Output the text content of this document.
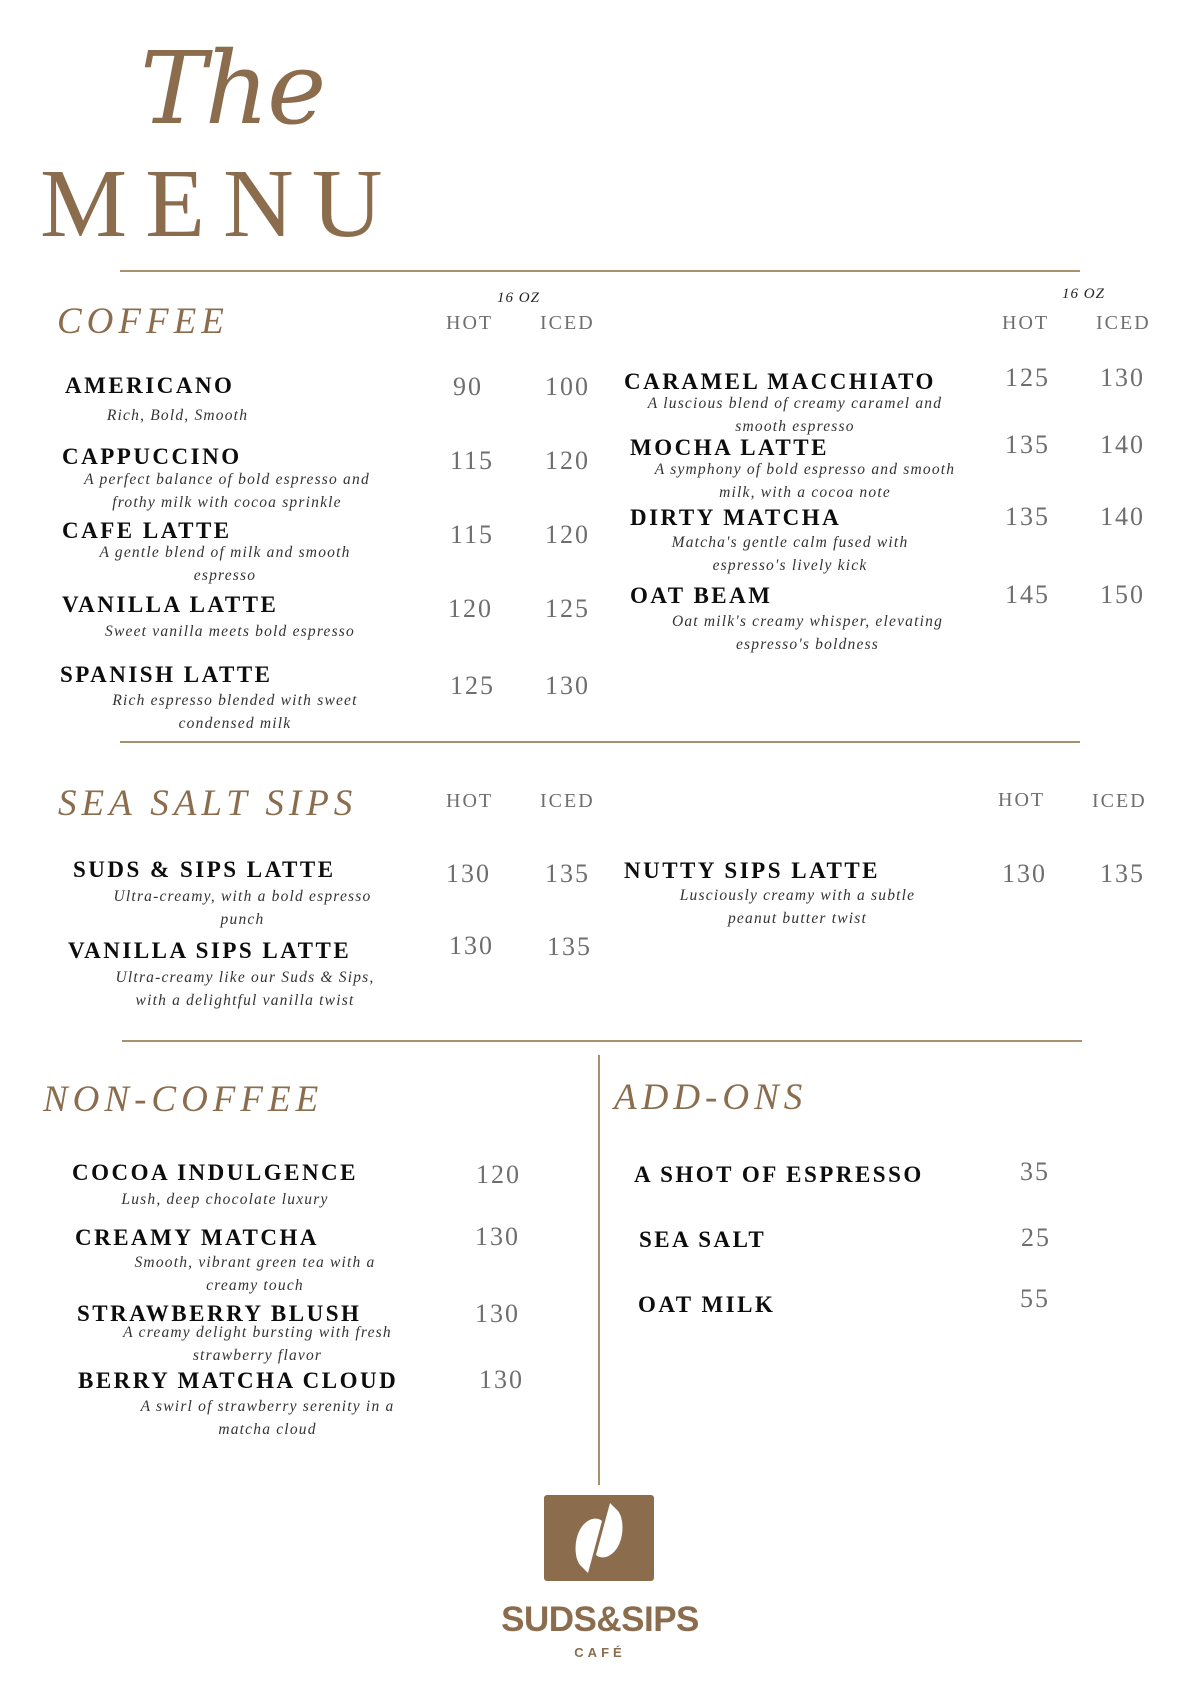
The
MENU
COFFEE
16 OZ
HOT ICED
16 OZ
HOT ICED
AMERICANO
Rich, Bold, Smooth
90 100
CAPPUCCINO
A perfect balance of bold espresso and frothy milk with cocoa sprinkle
115 120
CAFE LATTE
A gentle blend of milk and smooth espresso
115 120
VANILLA LATTE
Sweet vanilla meets bold espresso
120 125
SPANISH LATTE
Rich espresso blended with sweet condensed milk
125 130
CARAMEL MACCHIATO
A luscious blend of creamy caramel and smooth espresso
125 130
MOCHA LATTE
A symphony of bold espresso and smooth milk, with a cocoa note
135 140
DIRTY MATCHA
Matcha's gentle calm fused with espresso's lively kick
135 140
OAT BEAM
Oat milk's creamy whisper, elevating espresso's boldness
145 150
SEA SALT SIPS	HOT ICED	HOT ICED
SUDS & SIPS LATTE
Ultra-creamy, with a bold espresso punch
130 135
VANILLA SIPS LATTE
Ultra-creamy like our Suds & Sips, with a delightful vanilla twist
130 135
NUTTY SIPS LATTE
Lusciously creamy with a subtle peanut butter twist
130 135
NON-COFFEE
COCOA INDULGENCE
Lush, deep chocolate luxury
120
CREAMY MATCHA
Smooth, vibrant green tea with a creamy touch
130
STRAWBERRY BLUSH
A creamy delight bursting with fresh strawberry flavor
130
BERRY MATCHA CLOUD
A swirl of strawberry serenity in a matcha cloud
130
ADD-ONS
A SHOT OF ESPRESSO	35
SEA SALT	25
OAT MILK	55
SUDS&SIPS
CAFÉ
